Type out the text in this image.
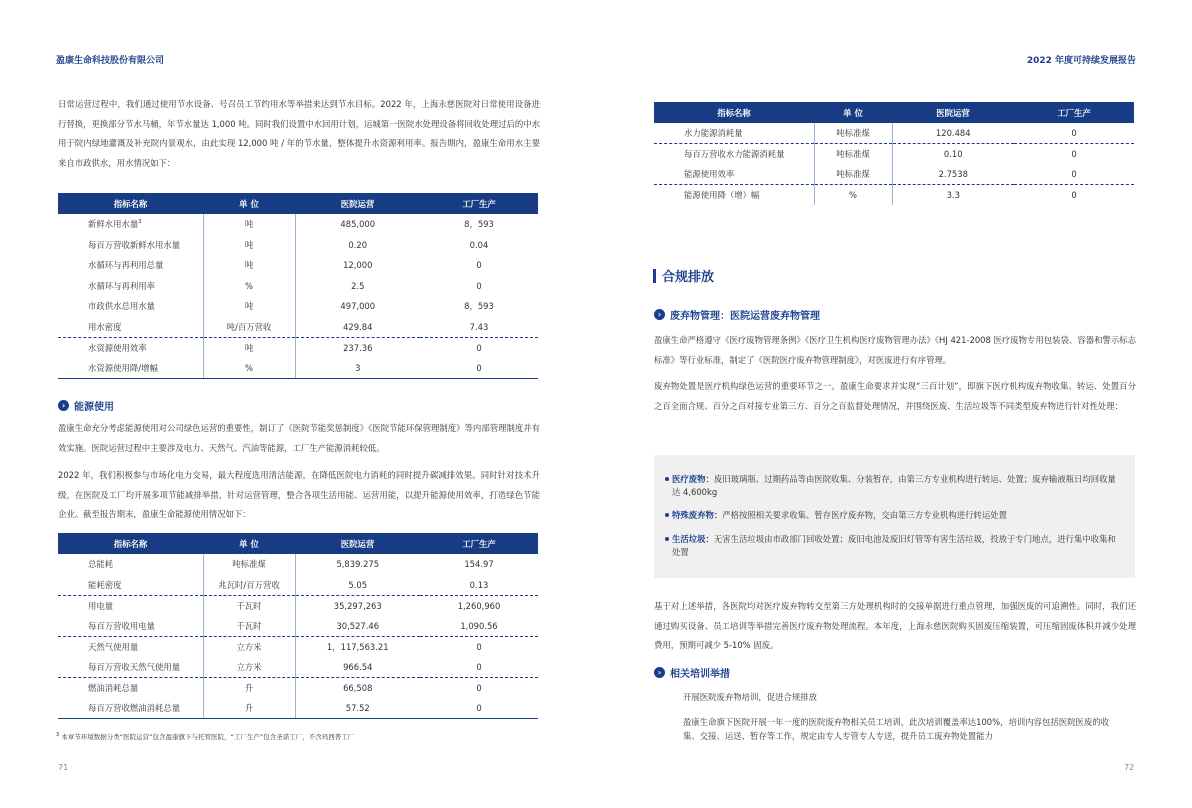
盈康生命科技股份有限公司	2022 年度可持续发展报告

日常运营过程中，我们通过使用节水设备、号召员工节约用水等举措来达到节水目标。2022 年，上海永慈医院对日常使用设备进行替换，更换部分节水马桶，年节水量达 1,000 吨。同时我们设置中水回用计划，运城第一医院水处理设备将回收处理过后的中水用于院内绿地灌溉及补充院内景观水，由此实现 12,000 吨 / 年的节水量，整体提升水资源利用率。报告期内，盈康生命用水主要来自市政供水，用水情况如下：

指标名称	单 位	医院运营	工厂生产
新鲜水用水量$^3$	吨	485,000	8，593
每百万营收新鲜水用水量	吨	0.20	0.04
水循环与再利用总量	吨	12,000	0
水循环与再利用率	%	2.5	0
市政供水总用水量	吨	497,000	8，593
用水密度	吨/百万营收	429.84	7.43
水资源使用效率	吨	237.36	0
水资源使用降/增幅	%	3	0
› 能源使用

盈康生命充分考虑能源使用对公司绿色运营的重要性，制订了《医院节能奖惩制度》《医院节能环保管理制度》等内部管理制度并有效实施。医院运营过程中主要涉及电力、天然气、汽油等能源，工厂生产能源消耗较低。

2022 年，我们积极参与市场化电力交易，最大程度选用清洁能源，在降低医院电力消耗的同时提升碳减排效果。同时针对技术升级，在医院及工厂均开展多项节能减排举措，针对运营管理，整合各项生活用能、运营用能，以提升能源使用效率，打造绿色节能企业。截至报告期末，盈康生命能源使用情况如下：

指标名称	单 位	医院运营	工厂生产
总能耗	吨标准煤	5,839.275	154.97
能耗密度	兆瓦时/百万营收	5.05	0.13
用电量	千瓦时	35,297,263	1,260,960
每百万营收用电量	千瓦时	30,527.46	1,090.56
天然气使用量	立方米	1，117,563.21	0
每百万营收天然气使用量	立方米	966.54	0
燃油消耗总量	升	66,508	0
每百万营收燃油消耗总量	升	57.52	0
$^3$ 本章节环境数据分类“医院运营”包含盈康旗下与托管医院，“工厂生产”包含圣诺工厂，不含玛西普工厂
71
指标名称	单 位	医院运营	工厂生产
水力能源消耗量	吨标准煤	120.484	0
每百万营收水力能源消耗量	吨标准煤	0.10	0
能源使用效率	吨标准煤	2.7538	0
能源使用降（增）幅	%	3.3	0
合规排放
› 废弃物管理：医院运营废弃物管理

盈康生命严格遵守《医疗废物管理条例》《医疗卫生机构医疗废物管理办法》《HJ 421-2008 医疗废物专用包装袋、容器和警示标志标准》等行业标准，制定了《医院医疗废弃物管理制度》，对医废进行有序管理。

废弃物处置是医疗机构绿色运营的重要环节之一。盈康生命要求并实现“三百计划”，即旗下医疗机构废弃物收集、转运、处置百分之百全面合规、百分之百对接专业第三方、百分之百监督处理情况，并围绕医废、生活垃圾等不同类型废弃物进行针对性处理：

医疗废物：废旧玻璃瓶、过期药品等由医院收集、分装暂存，由第三方专业机构进行转运、处置；废弃输液瓶日均回收量达 4,600kg
特殊废弃物：严格按照相关要求收集、暂存医疗废弃物，交由第三方专业机构进行转运处置
生活垃圾：无害生活垃圾由市政部门回收处置；废旧电池及废旧灯管等有害生活垃圾，投放于专门地点，进行集中收集和处置

基于对上述举措，各医院均对医疗废弃物转交至第三方处理机构时的交接单据进行重点管理，加强医废的可追溯性。同时，我们还通过购买设备、员工培训等举措完善医疗废弃物处理流程。本年度，上海永慈医院购买固废压缩装置，可压缩固废体积并减少处理费用，预期可减少 5-10% 固废。

› 相关培训举措

开展医院废弃物培训，促进合规排放

盈康生命旗下医院开展一年一度的医院废弃物相关员工培训，此次培训覆盖率达100%，培训内容包括医院医废的收集、交接、运送、暂存等工作，规定由专人专管专人专送，提升员工废弃物处置能力

72
